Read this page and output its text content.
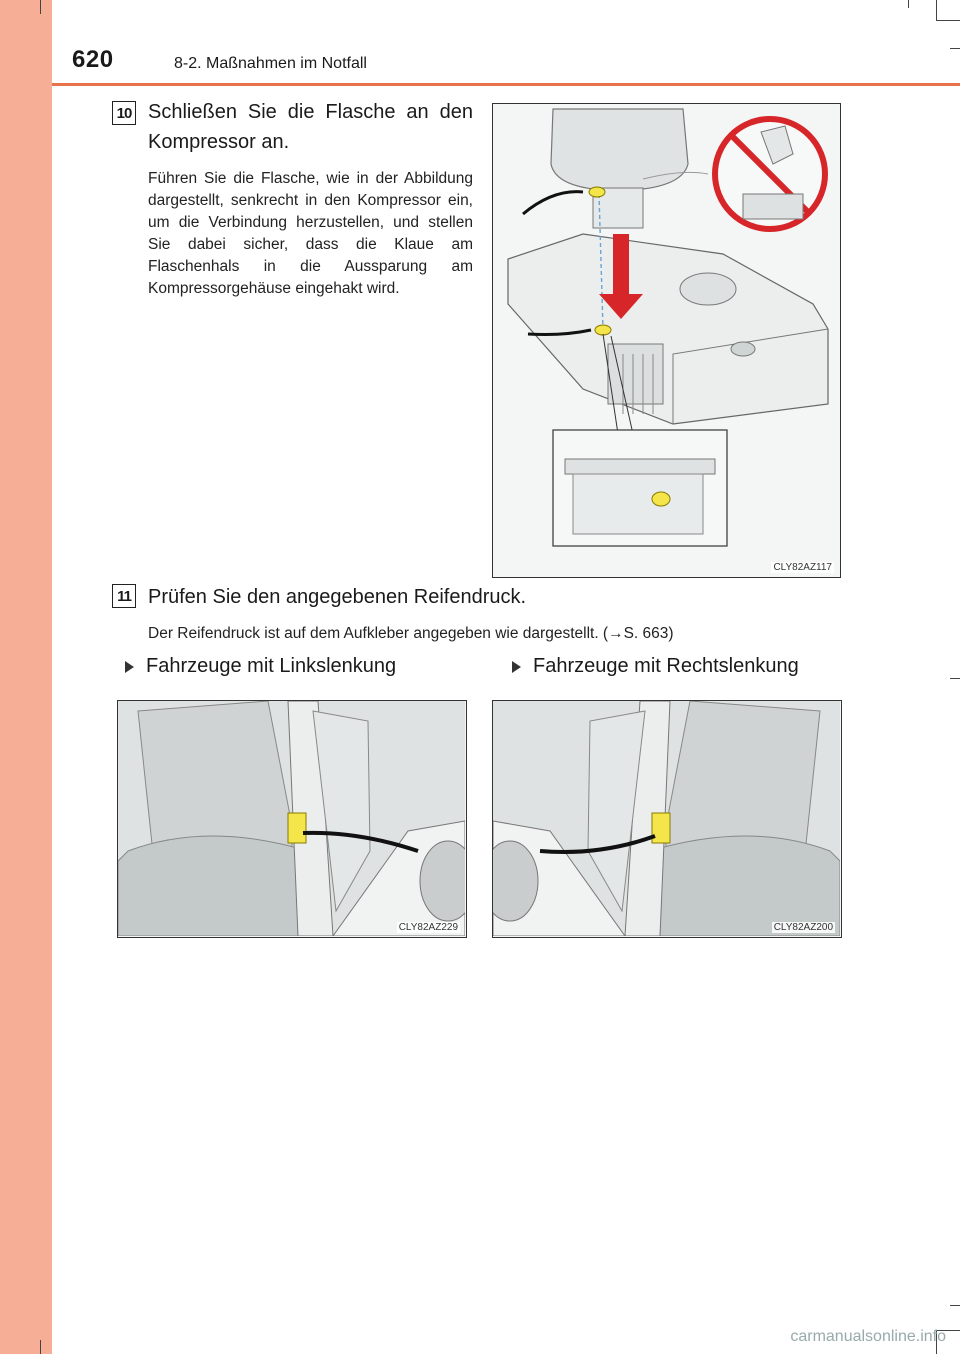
620	8-2. Maßnahmen im Notfall
10 Schließen Sie die Flasche an den Kompressor an.
Führen Sie die Flasche, wie in der Abbildung dargestellt, senkrecht in den Kompressor ein, um die Verbindung herzustellen, und stellen Sie dabei sicher, dass die Klaue am Flaschenhals in die Aussparung am Kompressorgehäuse eingehakt wird.
CLY82AZ117
11 Prüfen Sie den angegebenen Reifendruck.
Der Reifendruck ist auf dem Aufkleber angegeben wie dargestellt. (→S. 663)
Fahrzeuge mit Linkslenkung	Fahrzeuge mit Rechtslenkung
CLY82AZ229	CLY82AZ200
carmanualsonline.info
